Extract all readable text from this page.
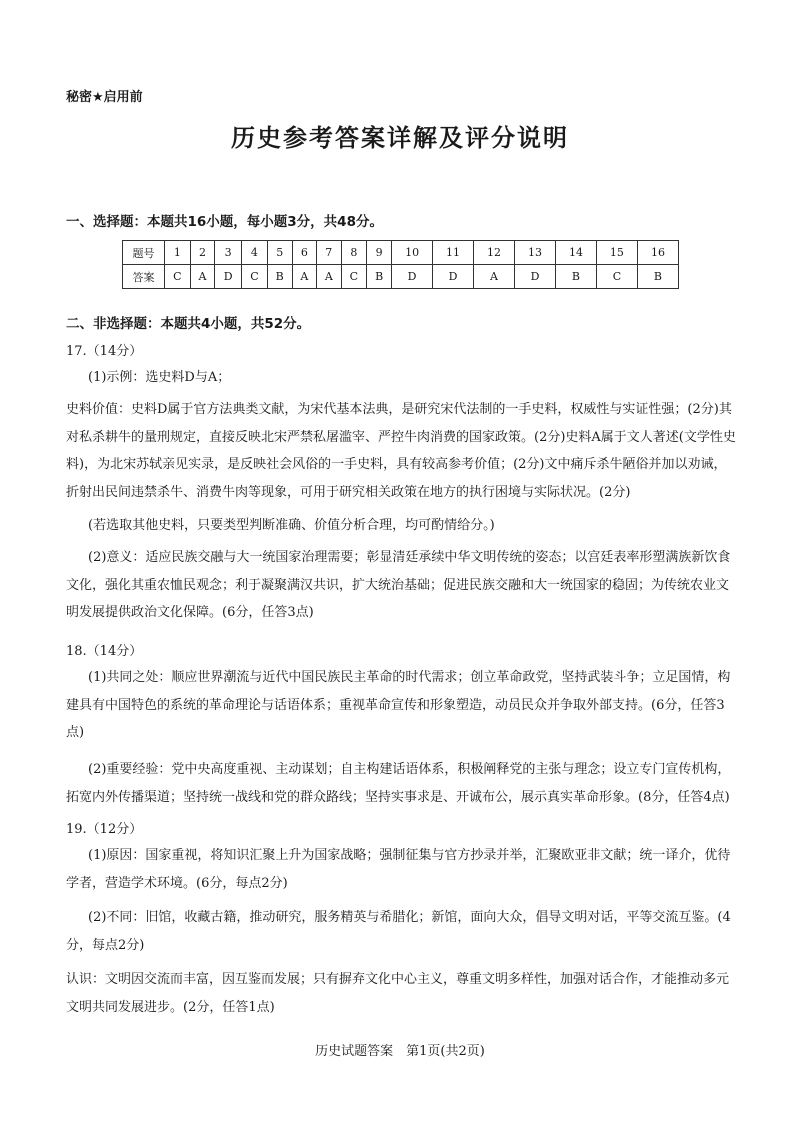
秘密★启用前
历史参考答案详解及评分说明
一、选择题：本题共16小题，每小题3分，共48分。
题号	1	2	3	4	5	6	7	8	9	10	11	12	13	14	15	16
答案	C	A	D	C	B	A	A	C	B	D	D	A	D	B	C	B
二、非选择题：本题共4小题，共52分。
17.（14分）
(1)示例：选史料D与A；
史料价值：史料D属于官方法典类文献，为宋代基本法典，是研究宋代法制的一手史料，权威性与实证性强；(2分)其对私杀耕牛的量刑规定，直接反映北宋严禁私屠滥宰、严控牛肉消费的国家政策。(2分)史料A属于文人著述(文学性史料)，为北宋苏轼亲见实录，是反映社会风俗的一手史料，具有较高参考价值；(2分)文中痛斥杀牛陋俗并加以劝诫，折射出民间违禁杀牛、消费牛肉等现象，可用于研究相关政策在地方的执行困境与实际状况。(2分)
(若选取其他史料，只要类型判断准确、价值分析合理，均可酌情给分。)
(2)意义：适应民族交融与大一统国家治理需要；彰显清廷承续中华文明传统的姿态；以宫廷表率形塑满族新饮食文化，强化其重农恤民观念；利于凝聚满汉共识，扩大统治基础；促进民族交融和大一统国家的稳固；为传统农业文明发展提供政治文化保障。(6分，任答3点)
18.（14分）
(1)共同之处：顺应世界潮流与近代中国民族民主革命的时代需求；创立革命政党，坚持武装斗争；立足国情，构建具有中国特色的系统的革命理论与话语体系；重视革命宣传和形象塑造，动员民众并争取外部支持。(6分，任答3点)
(2)重要经验：党中央高度重视、主动谋划；自主构建话语体系，积极阐释党的主张与理念；设立专门宣传机构，拓宽内外传播渠道；坚持统一战线和党的群众路线；坚持实事求是、开诚布公，展示真实革命形象。(8分，任答4点)
19.（12分）
(1)原因：国家重视，将知识汇聚上升为国家战略；强制征集与官方抄录并举，汇聚欧亚非文献；统一译介，优待学者，营造学术环境。(6分，每点2分)
(2)不同：旧馆，收藏古籍，推动研究，服务精英与希腊化；新馆，面向大众，倡导文明对话，平等交流互鉴。(4分，每点2分)
认识：文明因交流而丰富，因互鉴而发展；只有摒弃文化中心主义，尊重文明多样性，加强对话合作，才能推动多元文明共同发展进步。(2分，任答1点)
历史试题答案　第1页(共2页)
